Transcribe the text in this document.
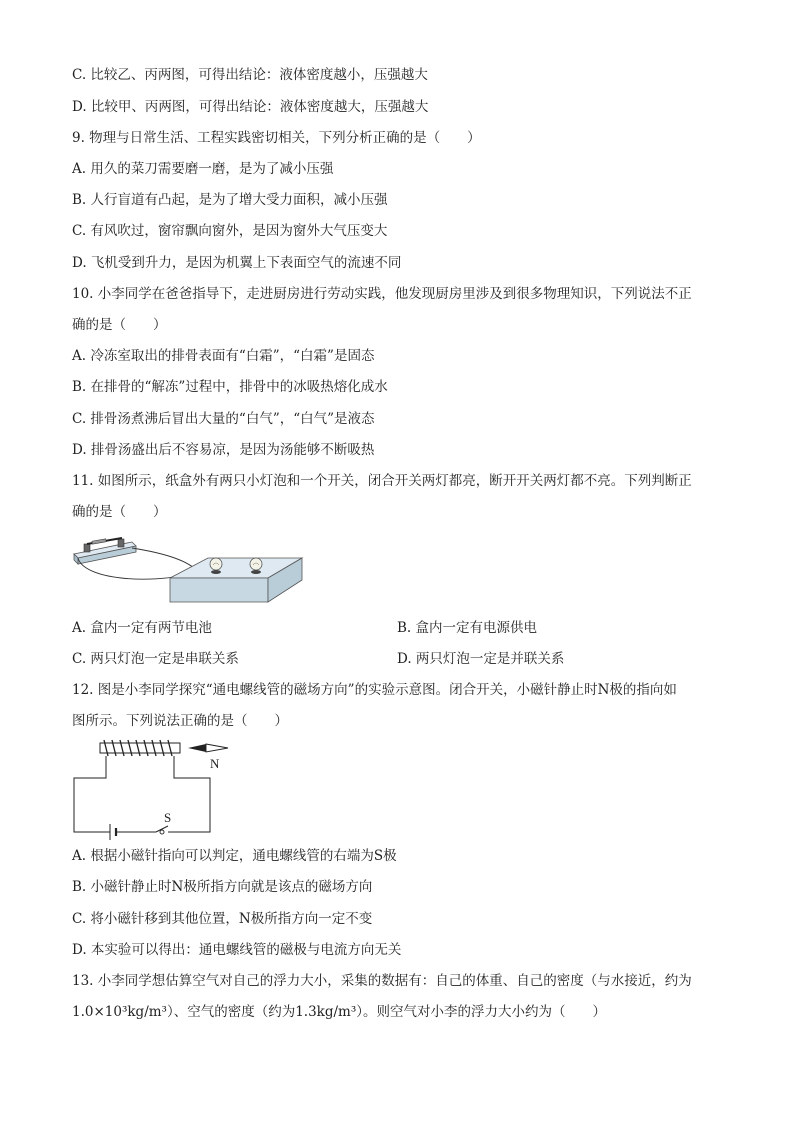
C. 比较乙、丙两图，可得出结论：液体密度越小，压强越大
D. 比较甲、丙两图，可得出结论：液体密度越大，压强越大
9. 物理与日常生活、工程实践密切相关，下列分析正确的是（　　）
A. 用久的菜刀需要磨一磨，是为了减小压强
B. 人行盲道有凸起，是为了增大受力面积，减小压强
C. 有风吹过，窗帘飘向窗外，是因为窗外大气压变大
D. 飞机受到升力，是因为机翼上下表面空气的流速不同
10. 小李同学在爸爸指导下，走进厨房进行劳动实践，他发现厨房里涉及到很多物理知识，下列说法不正
确的是（　　）
A. 冷冻室取出的排骨表面有“白霜”，“白霜”是固态
B. 在排骨的“解冻”过程中，排骨中的冰吸热熔化成水
C. 排骨汤煮沸后冒出大量的“白气”，“白气”是液态
D. 排骨汤盛出后不容易凉，是因为汤能够不断吸热
11. 如图所示，纸盒外有两只小灯泡和一个开关，闭合开关两灯都亮，断开开关两灯都不亮。下列判断正
确的是（　　）
A. 盒内一定有两节电池	B. 盒内一定有电源供电
C. 两只灯泡一定是串联关系	D. 两只灯泡一定是并联关系
12. 图是小李同学探究“通电螺线管的磁场方向”的实验示意图。闭合开关，小磁针静止时N极的指向如
图所示。下列说法正确的是（　　）
S
N
A. 根据小磁针指向可以判定，通电螺线管的右端为S极
B. 小磁针静止时N极所指方向就是该点的磁场方向
C. 将小磁针移到其他位置，N极所指方向一定不变
D. 本实验可以得出：通电螺线管的磁极与电流方向无关
13. 小李同学想估算空气对自己的浮力大小，采集的数据有：自己的体重、自己的密度（与水接近，约为
1.0×10³kg/m³）、空气的密度（约为1.3kg/m³）。则空气对小李的浮力大小约为（　　）
